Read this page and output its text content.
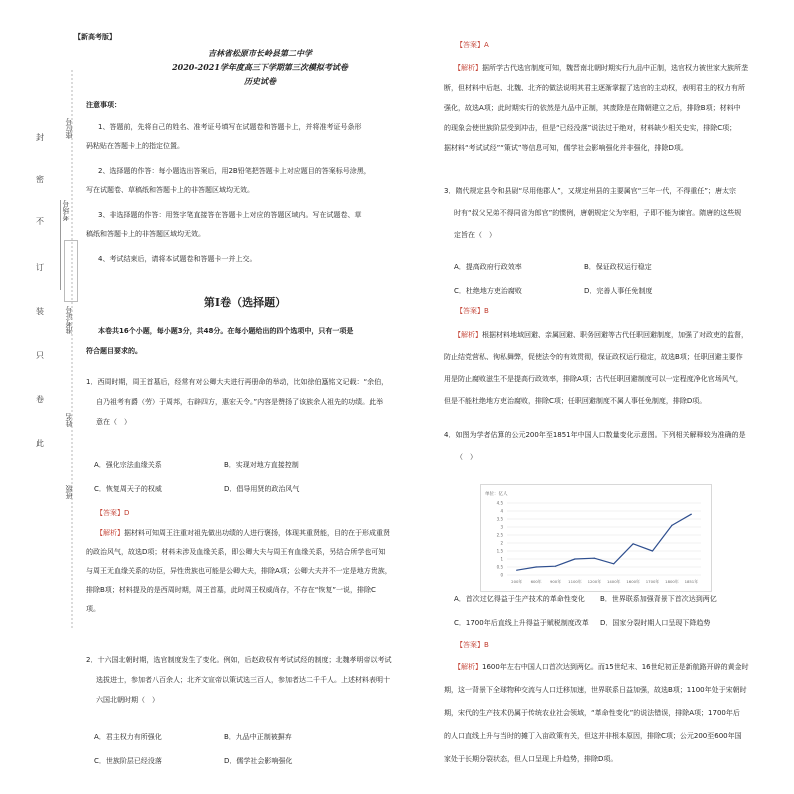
【新高考版】
吉林省松原市长岭县第二中学
2020-2021学年度高三下学期第三次模拟考试卷
历史试卷
封
密
不
订
装
只
卷
此
座位号
考场号
准考证号
姓名
班级
注意事项：
1、答题前，先将自己的姓名、准考证号填写在试题卷和答题卡上，并将准考证号条形
码粘贴在答题卡上的指定位置。
2、选择题的作答：每小题选出答案后，用2B铅笔把答题卡上对应题目的答案标号涂黑，
写在试题卷、草稿纸和答题卡上的非答题区域均无效。
3、非选择题的作答：用签字笔直接答在答题卡上对应的答题区域内。写在试题卷、草
稿纸和答题卡上的非答题区域均无效。
4、考试结束后，请将本试题卷和答题卡一并上交。
第Ⅰ卷（选择题）
本卷共16个小题，每小题3分，共48分。在每小题给出的四个选项中，只有一项是
符合题目要求的。
1．西周时期，周王首墓后，经常有对公卿大夫进行再册命的举动，比如徐伯簋铭文记载：“余伯，
自乃祖考有爵（劳）于周邦，右辟四方，惠宏天令。”内容是赞扬了该族余人祖先的功绩。此举
意在（　）
A．强化宗法血缘关系	B．实现对地方直接控制
C．恢复周天子的权威	D．倡导用贤的政治风气
【答案】D
【解析】据材料可知周王注重对祖先做出功绩的人进行褒扬，体现其重贤能，目的在于形成重贤
的政治风气，故选D项；材料未涉及血缘关系，即公卿大夫与周王有血缘关系，另结合所学也可知
与周王无血缘关系的功臣，异性贵族也可能是公卿大夫，排除A项；公卿大夫并不一定是地方贵族，
排除B项；材料提及的是西周时期，周王首墓，此时周王权威尚存，不存在“恢复”一说，排除C
项。
2．十六国北朝时期，选官制度发生了变化。例如，后赵政权有考试试经的制度；北魏孝明帝以考试
选拔进士，参加者八百余人；北齐文宣帝以策试选三百人，参加者达二千千人。上述材料表明十
六国北朝时期（　）
A．君主权力有所强化	B．九品中正制被摒弃
C．世族阶层已经没落	D．儒学社会影响强化
【答案】A
【解析】据所学古代选官制度可知，魏晋南北朝时期实行九品中正制，选官权力被世家大族所垄
断，但材料中后赵、北魏、北齐的做法说明其君主逐渐掌握了选官的主动权，表明君主的权力有所
强化，故选A项；此时期实行的依然是九品中正制，其废除是在隋朝建立之后，排除B项；材料中
的现象会使世族阶层受到冲击，但是“已经没落”说法过于绝对，材料缺少相关史实，排除C项；
据材料“考试试经”“策试”等信息可知，儒学社会影响强化并非强化，排除D项。
3．隋代规定县令和县尉“尽用他郡人”，又规定州县的主要属官“三年一代，不得重任”；唐太宗
时有“叔父兄弟不得同省为郎官”的惯例，唐朝规定父为宰相，子即不能为谏官。隋唐的这些规
定旨在（　）
A．提高政府行政效率	B．保证政权运行稳定
C．杜绝地方吏治腐败	D．完善人事任免制度
【答案】B
【解析】根据材料地域回避、亲属回避、职务回避等古代任职回避制度，加强了对政吏的监督，
防止结党营私、徇私舞弊，促使法令的有效贯彻，保证政权运行稳定，故选B项；任职回避主要作
用是防止腐败滋生不是提高行政效率，排除A项；古代任职回避制度可以一定程度净化官场风气，
但是不能杜绝地方吏治腐败，排除C项；任职回避制度不属人事任免制度，排除D项。
4．如图为学者估算的公元200年至1851年中国人口数量变化示意图。下列相关解释较为准确的是
（　）
单位：亿人
0
0.5
1
1.5
2
2.5
3
3.5
4
4.5
200年 600年 900年 1100年 1200年 1400年 1600年 1700年 1800年 1851年
A．首次过亿得益于生产技术的革命性变化 B．世界联系加强背景下首次达到两亿
C．1700年后直线上升得益于赋税制度改革 D．国家分裂时期人口呈现下降趋势
【答案】B
【解析】1600年左右中国人口首次达到两亿。而15世纪末、16世纪初正是新航路开辟的黄金时
期，这一背景下全球物种交流与人口迁移加速，世界联系日益加强，故选B项；1100年处于宋朝时
期，宋代的生产技术仍属于传统农业社会领域，“革命性变化”的说法错误，排除A项；1700年后
的人口直线上升与当时的摊丁入亩政策有关，但这并非根本原因，排除C项；公元200至600年国
家处于长期分裂状态，但人口呈现上升趋势，排除D项。
